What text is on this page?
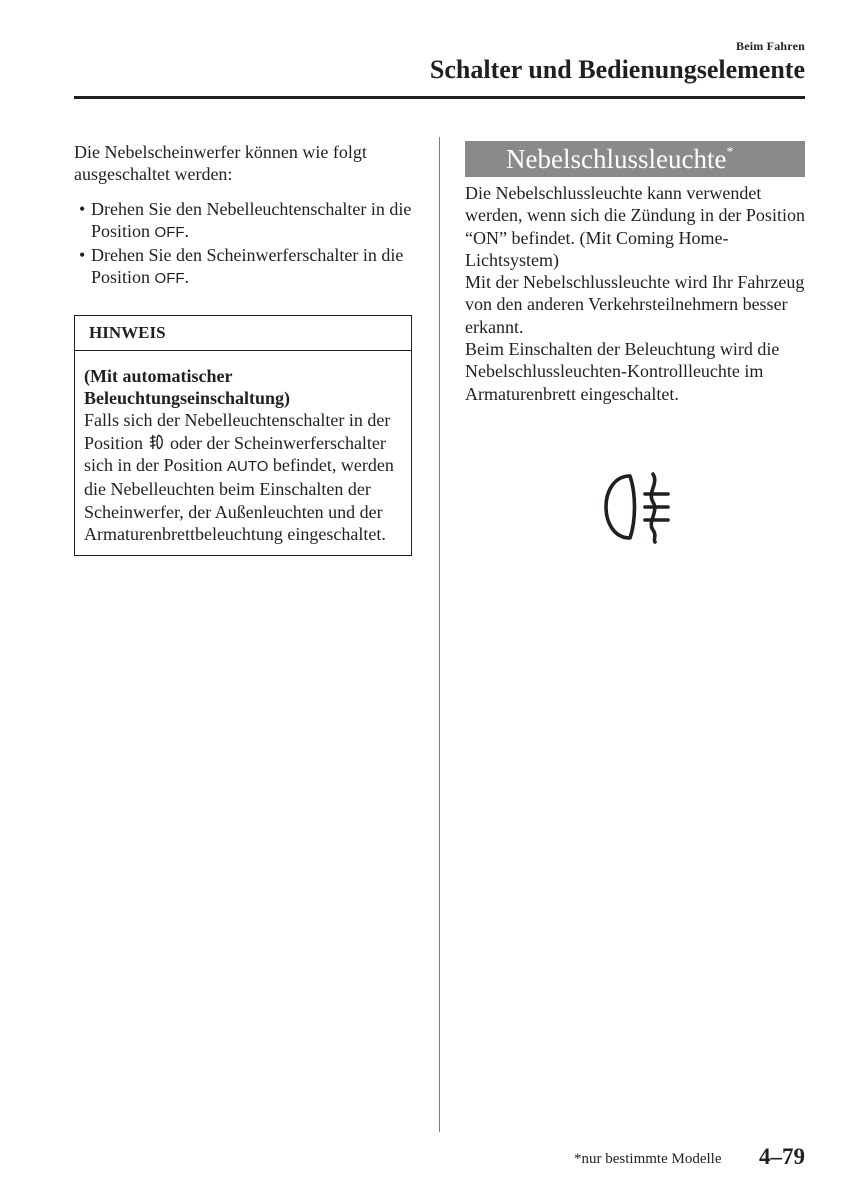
Beim Fahren
Schalter und Bedienungselemente

Die Nebelscheinwerfer können wie folgt ausgeschaltet werden:

• Drehen Sie den Nebelleuchtenschalter in die Position OFF.
• Drehen Sie den Scheinwerferschalter in die Position OFF.
HINWEIS

(Mit automatischer Beleuchtungseinschaltung)

Falls sich der Nebelleuchtenschalter in der Position  oder der Scheinwerferschalter sich in der Position AUTO befindet, werden die Nebelleuchten beim Einschalten der Scheinwerfer, der Außenleuchten und der Armaturenbrettbeleuchtung eingeschaltet.

Nebelschlussleuchte*

Die Nebelschlussleuchte kann verwendet werden, wenn sich die Zündung in der Position “ON” befindet. (Mit Coming Home-Lichtsystem)

Mit der Nebelschlussleuchte wird Ihr Fahrzeug von den anderen Verkehrsteilnehmern besser erkannt.

Beim Einschalten der Beleuchtung wird die Nebelschlussleuchten-Kontrollleuchte im Armaturenbrett eingeschaltet.

*nur bestimmte Modelle 4–79
